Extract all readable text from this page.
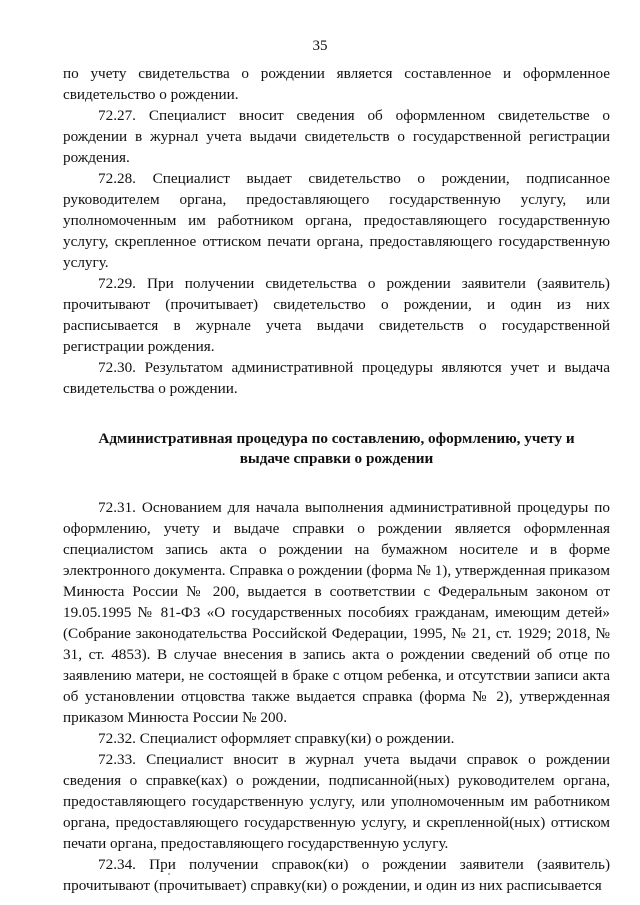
35

по учету свидетельства о рождении является составленное и оформленное свидетельство о рождении.

72.27. Специалист вносит сведения об оформленном свидетельстве о рождении в журнал учета выдачи свидетельств о государственной регистрации рождения.

72.28. Специалист выдает свидетельство о рождении, подписанное руководителем органа, предоставляющего государственную услугу, или уполномоченным им работником органа, предоставляющего государственную услугу, скрепленное оттиском печати органа, предоставляющего государственную услугу.

72.29. При получении свидетельства о рождении заявители (заявитель) прочитывают (прочитывает) свидетельство о рождении, и один из них расписывается в журнале учета выдачи свидетельств о государственной регистрации рождения.

72.30. Результатом административной процедуры являются учет и выдача свидетельства о рождении.

Административная процедура по составлению, оформлению, учету и выдаче справки о рождении

72.31. Основанием для начала выполнения административной процедуры по оформлению, учету и выдаче справки о рождении является оформленная специалистом запись акта о рождении на бумажном носителе и в форме электронного документа. Справка о рождении (форма № 1), утвержденная приказом Минюста России № 200, выдается в соответствии с Федеральным законом от 19.05.1995 № 81-ФЗ «О государственных пособиях гражданам, имеющим детей» (Собрание законодательства Российской Федерации, 1995, № 21, ст. 1929; 2018, № 31, ст. 4853). В случае внесения в запись акта о рождении сведений об отце по заявлению матери, не состоящей в браке с отцом ребенка, и отсутствии записи акта об установлении отцовства также выдается справка (форма № 2), утвержденная приказом Минюста России № 200.

72.32. Специалист оформляет справку(ки) о рождении.

72.33. Специалист вносит в журнал учета выдачи справок о рождении сведения о справке(ках) о рождении, подписанной(ных) руководителем органа, предоставляющего государственную услугу, или уполномоченным им работником органа, предоставляющего государственную услугу, и скрепленной(ных) оттиском печати органа, предоставляющего государственную услугу.

72.34. При получении справок(ки) о рождении заявители (заявитель) прочитывают (прочитывает) справку(ки) о рождении, и один из них расписывается
